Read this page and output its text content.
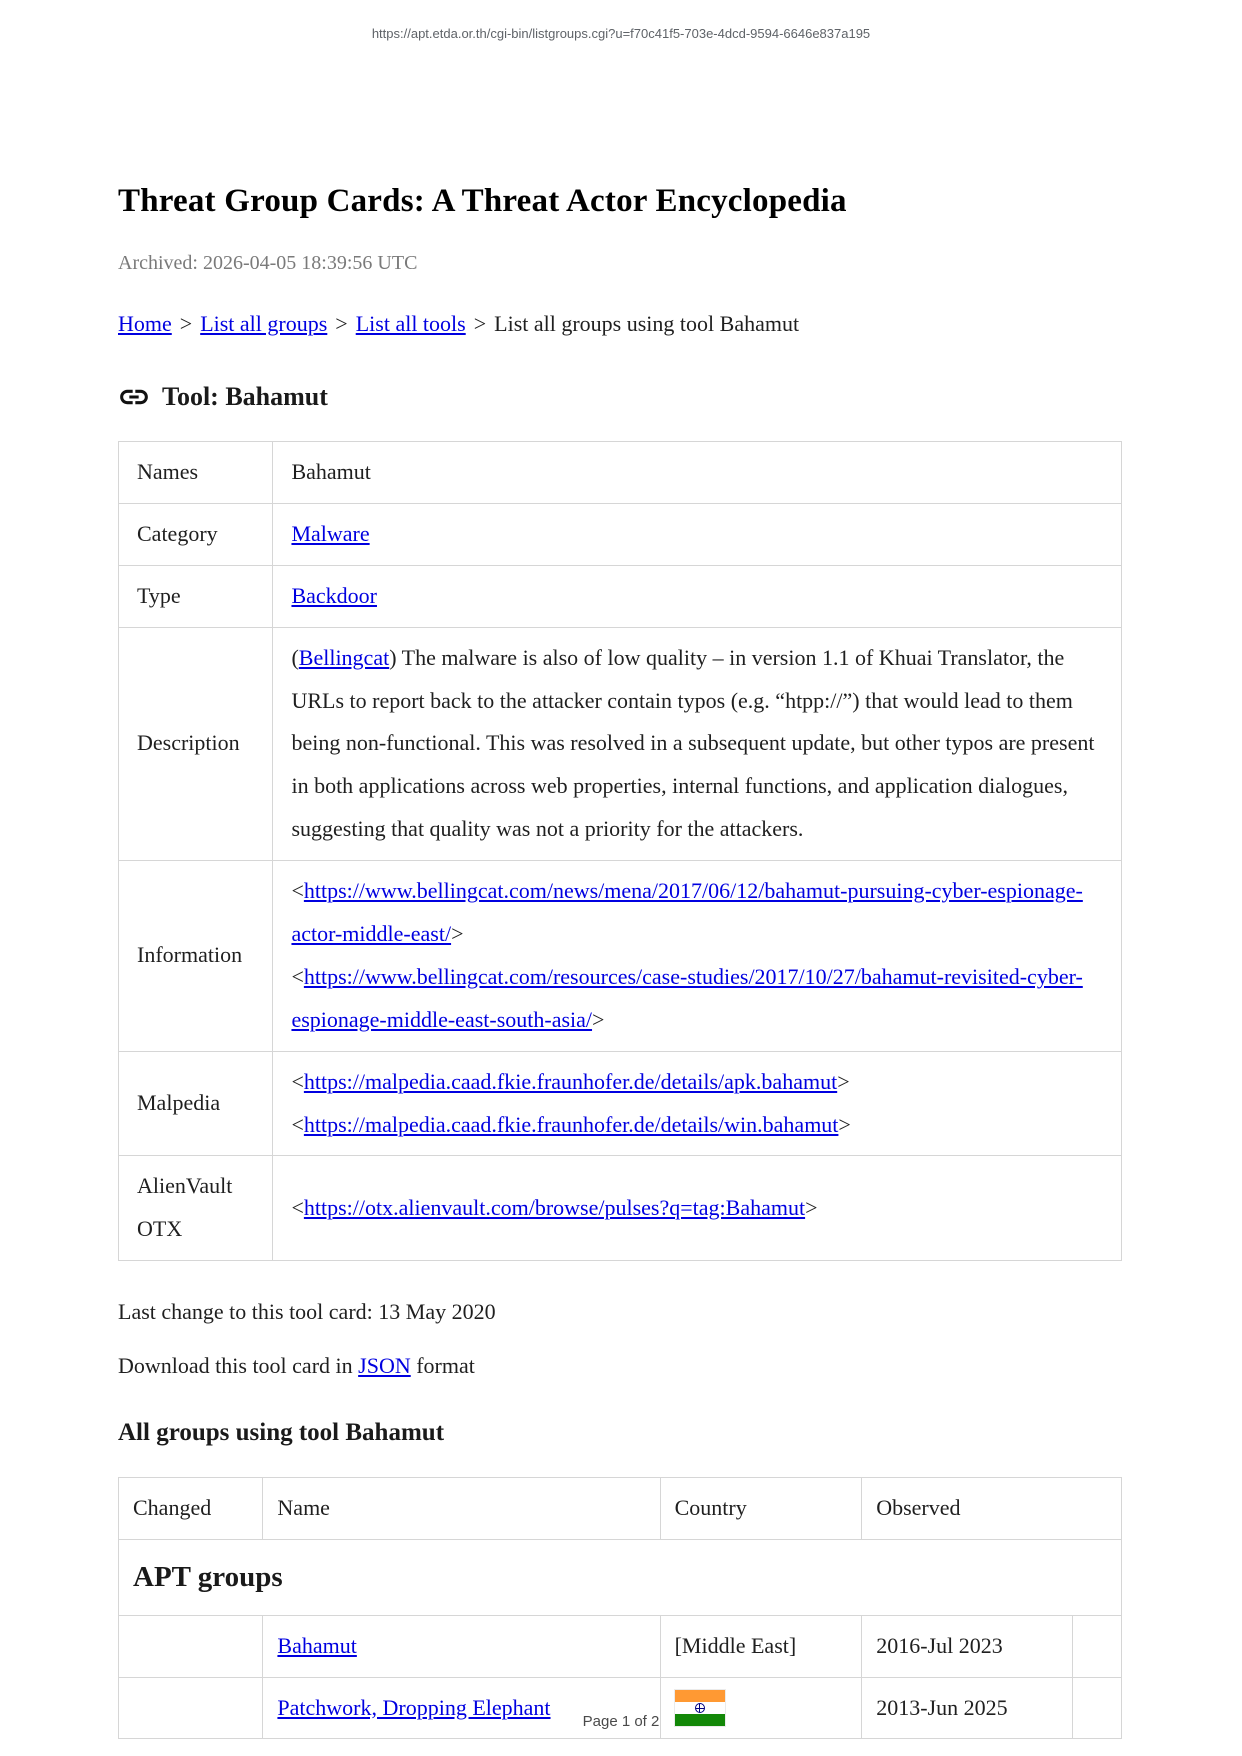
https://apt.etda.or.th/cgi-bin/listgroups.cgi?u=f70c41f5-703e-4dcd-9594-6646e837a195
Threat Group Cards: A Threat Actor Encyclopedia
Archived: 2026-04-05 18:39:56 UTC
Home > List all groups > List all tools > List all groups using tool Bahamut
Tool: Bahamut
Names	Bahamut
Category	Malware
Type	Backdoor
Description	(Bellingcat) The malware is also of low quality – in version 1.1 of Khuai Translator, the URLs to report back to the attacker contain typos (e.g. “htpp://”) that would lead to them being non-functional. This was resolved in a subsequent update, but other typos are present in both applications across web properties, internal functions, and application dialogues, suggesting that quality was not a priority for the attackers.
Information	<https://www.bellingcat.com/news/mena/2017/06/12/bahamut-pursuing-cyber-espionage-actor-middle-east/>
<https://www.bellingcat.com/resources/case-studies/2017/10/27/bahamut-revisited-cyber-espionage-middle-east-south-asia/>

Malpedia	<https://malpedia.caad.fkie.fraunhofer.de/details/apk.bahamut>
<https://malpedia.caad.fkie.fraunhofer.de/details/win.bahamut>

AlienVault OTX	<https://otx.alienvault.com/browse/pulses?q=tag:Bahamut>
Last change to this tool card: 13 May 2020
Download this tool card in JSON format
All groups using tool Bahamut
Changed	Name	Country	Observed	
APT groups				
	Bahamut	[Middle East]	2016-Jul 2023	
	Patchwork, Dropping Elephant		2013-Jun 2025	
Page 1 of 2
